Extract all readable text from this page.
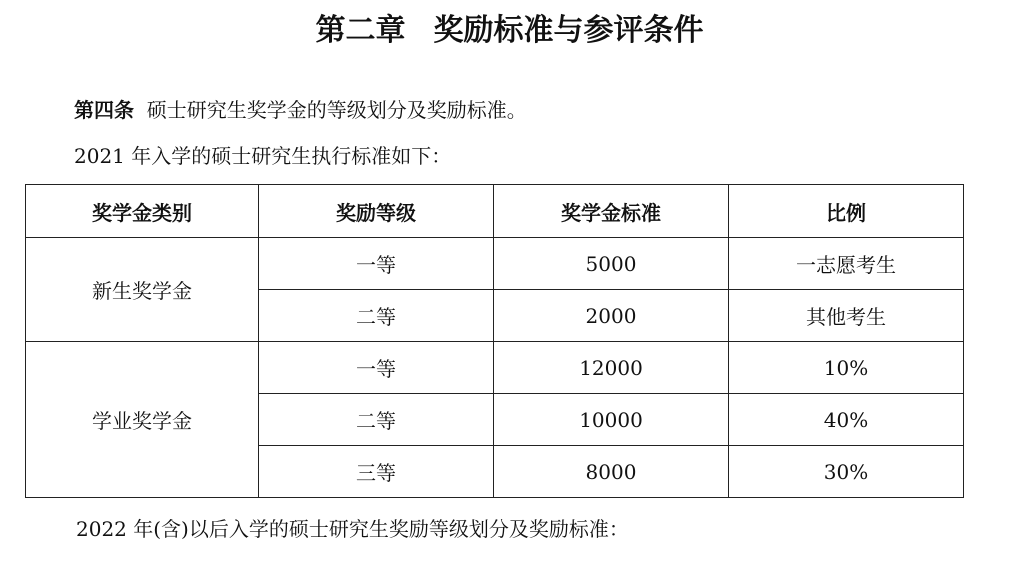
第二章 奖励标准与参评条件
第四条 硕士研究生奖学金的等级划分及奖励标准。
2021 年入学的硕士研究生执行标准如下：
奖学金类别	奖励等级	奖学金标准	比例
新生奖学金	一等	5000	一志愿考生
	二等	2000	其他考生
学业奖学金	一等	12000	10%
	二等	10000	40%
	三等	8000	30%
2022 年(含)以后入学的硕士研究生奖励等级划分及奖励标准：
